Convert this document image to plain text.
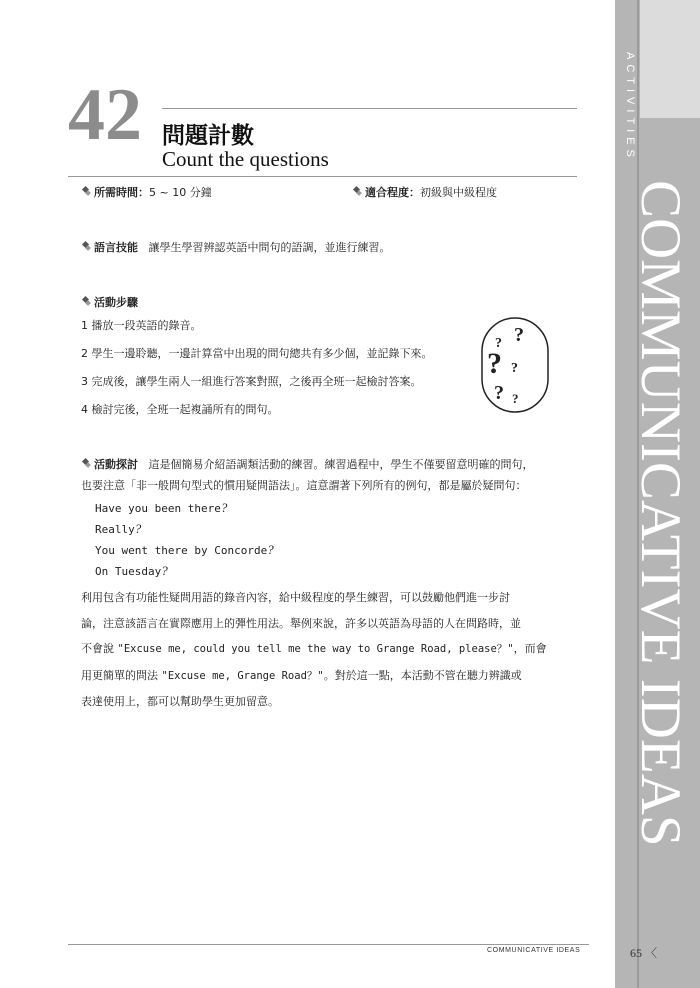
ACTIVITIES
COMMUNICATIVE IDEAS
42 問題計數
Count the questions
所需時間：5 ~ 10 分鐘	適合程度：初級與中級程度
語言技能 讓學生學習辨認英語中問句的語調，並進行練習。
活動步驟
1 播放一段英語的錄音。
2 學生一邊聆聽，一邊計算當中出現的問句總共有多少個，並記錄下來。
3 完成後，讓學生兩人一組進行答案對照，之後再全班一起檢討答案。
4 檢討完後，全班一起複誦所有的問句。
? ?
? ?
? ?
活動探討 這是個簡易介紹語調類活動的練習。練習過程中，學生不僅要留意明確的問句，
也要注意「非一般問句型式的慣用疑問語法」。這意謂著下列所有的例句，都是屬於疑問句：
Have you been there?
Really?
You went there by Concorde?
On Tuesday?
利用包含有功能性疑問用語的錄音內容，給中級程度的學生練習，可以鼓勵他們進一步討
論，注意該語言在實際應用上的彈性用法。舉例來說，許多以英語為母語的人在問路時，並
不會說 "Excuse me, could you tell me the way to Grange Road, please？"，而會
用更簡單的問法 "Excuse me, Grange Road？"。對於這一點，本活動不管在聽力辨識或
表達使用上，都可以幫助學生更加留意。
COMMUNICATIVE IDEAS	65 〈
